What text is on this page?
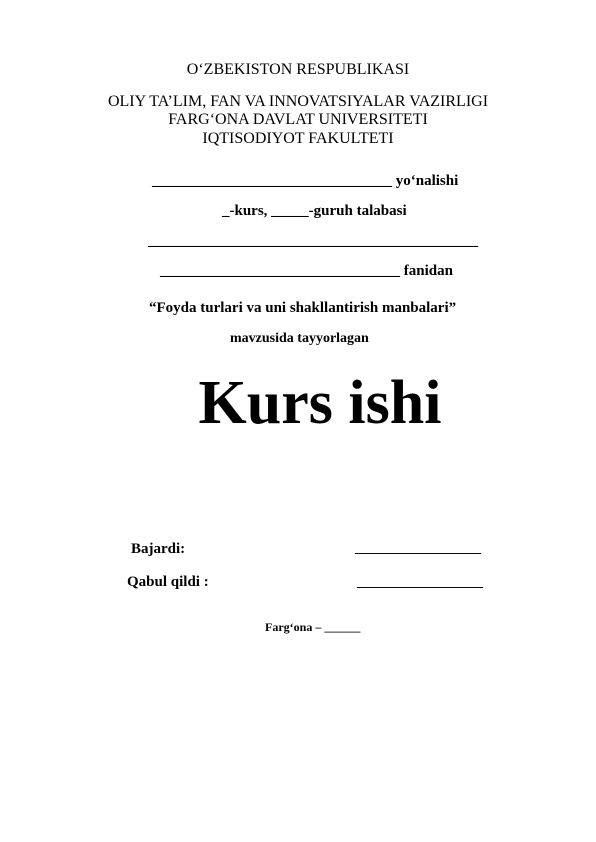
O‘ZBEKISTON RESPUBLIKASI
OLIY TA’LIM, FAN VA INNOVATSIYALAR VAZIRLIGI
FARG‘ONA DAVLAT UNIVERSITETI
IQTISODIYOT FAKULTETI
________________________________ yo‘nalishi
_-kurs, _____-guruh talabasi
____________________________________________
________________________________ fanidan
“Foyda turlari va uni shakllantirish manbalari”
mavzusida tayyorlagan
Kurs ishi
Bajardi:	__________________
Qabul qildi :	__________________
Farg‘ona – ______
